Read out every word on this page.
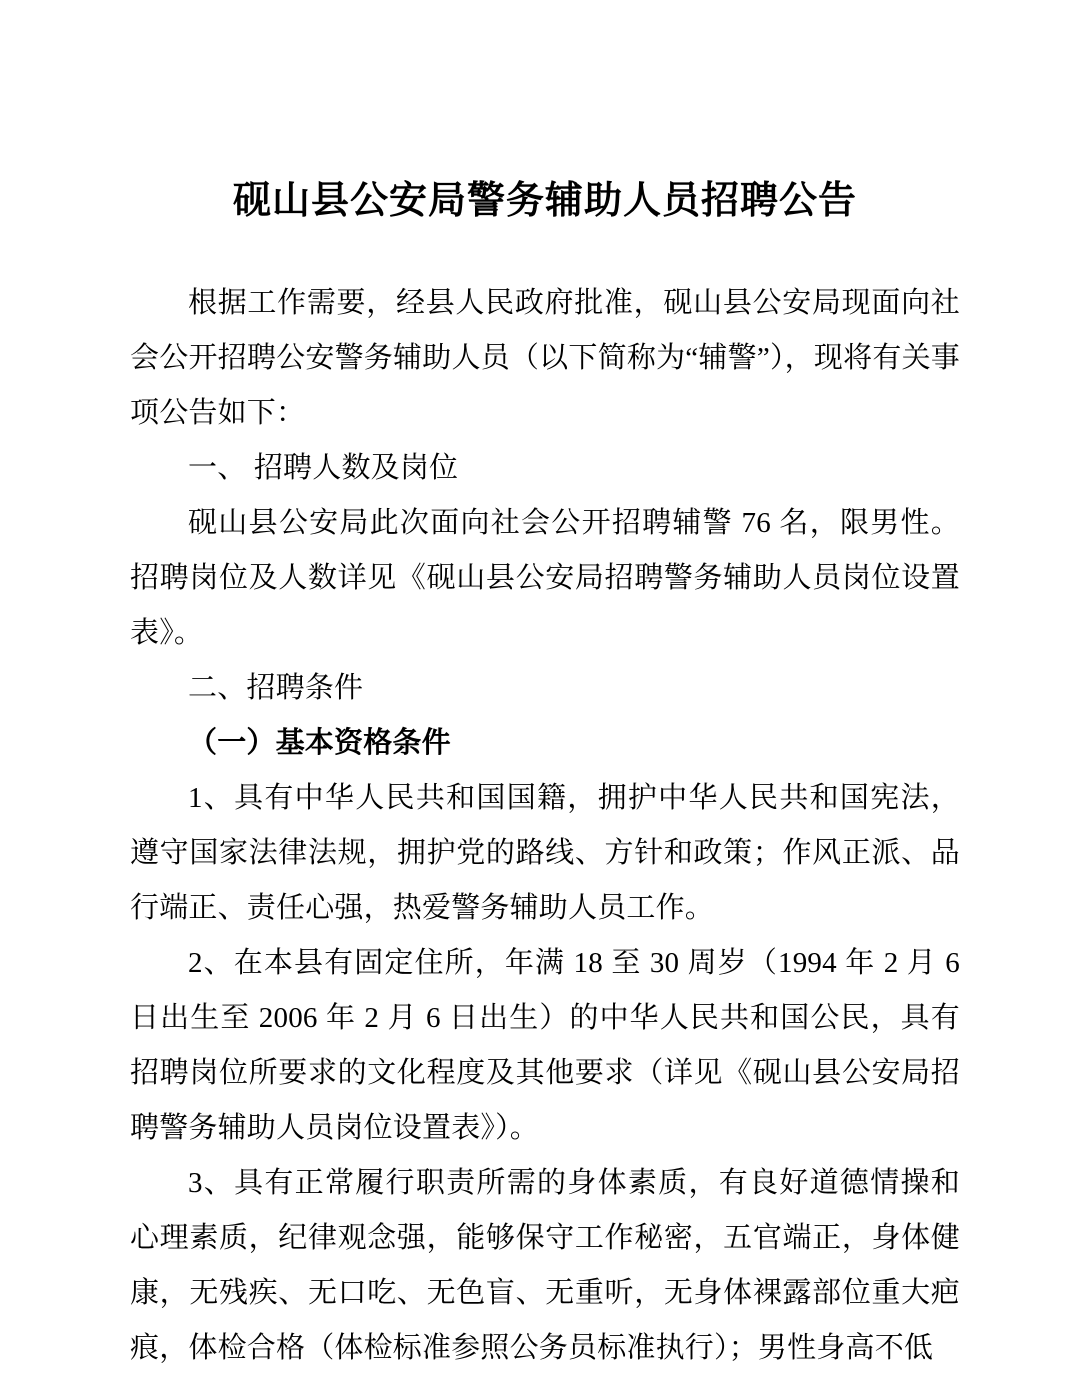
砚山县公安局警务辅助人员招聘公告

根据工作需要，经县人民政府批准，砚山县公安局现面向社会公开招聘公安警务辅助人员（以下简称为“辅警”），现将有关事项公告如下：

一、 招聘人数及岗位

砚山县公安局此次面向社会公开招聘辅警 76 名，限男性。招聘岗位及人数详见《砚山县公安局招聘警务辅助人员岗位设置表》。

二、招聘条件

（一）基本资格条件

1、具有中华人民共和国国籍，拥护中华人民共和国宪法，遵守国家法律法规，拥护党的路线、方针和政策；作风正派、品行端正、责任心强，热爱警务辅助人员工作。

2、在本县有固定住所，年满 18 至 30 周岁（1994 年 2 月 6 日出生至 2006 年 2 月 6 日出生）的中华人民共和国公民，具有招聘岗位所要求的文化程度及其他要求（详见《砚山县公安局招聘警务辅助人员岗位设置表》）。

3、具有正常履行职责所需的身体素质，有良好道德情操和心理素质，纪律观念强，能够保守工作秘密，五官端正，身体健康，无残疾、无口吃、无色盲、无重听，无身体裸露部位重大疤痕，体检合格（体检标准参照公务员标准执行）；男性身高不低
